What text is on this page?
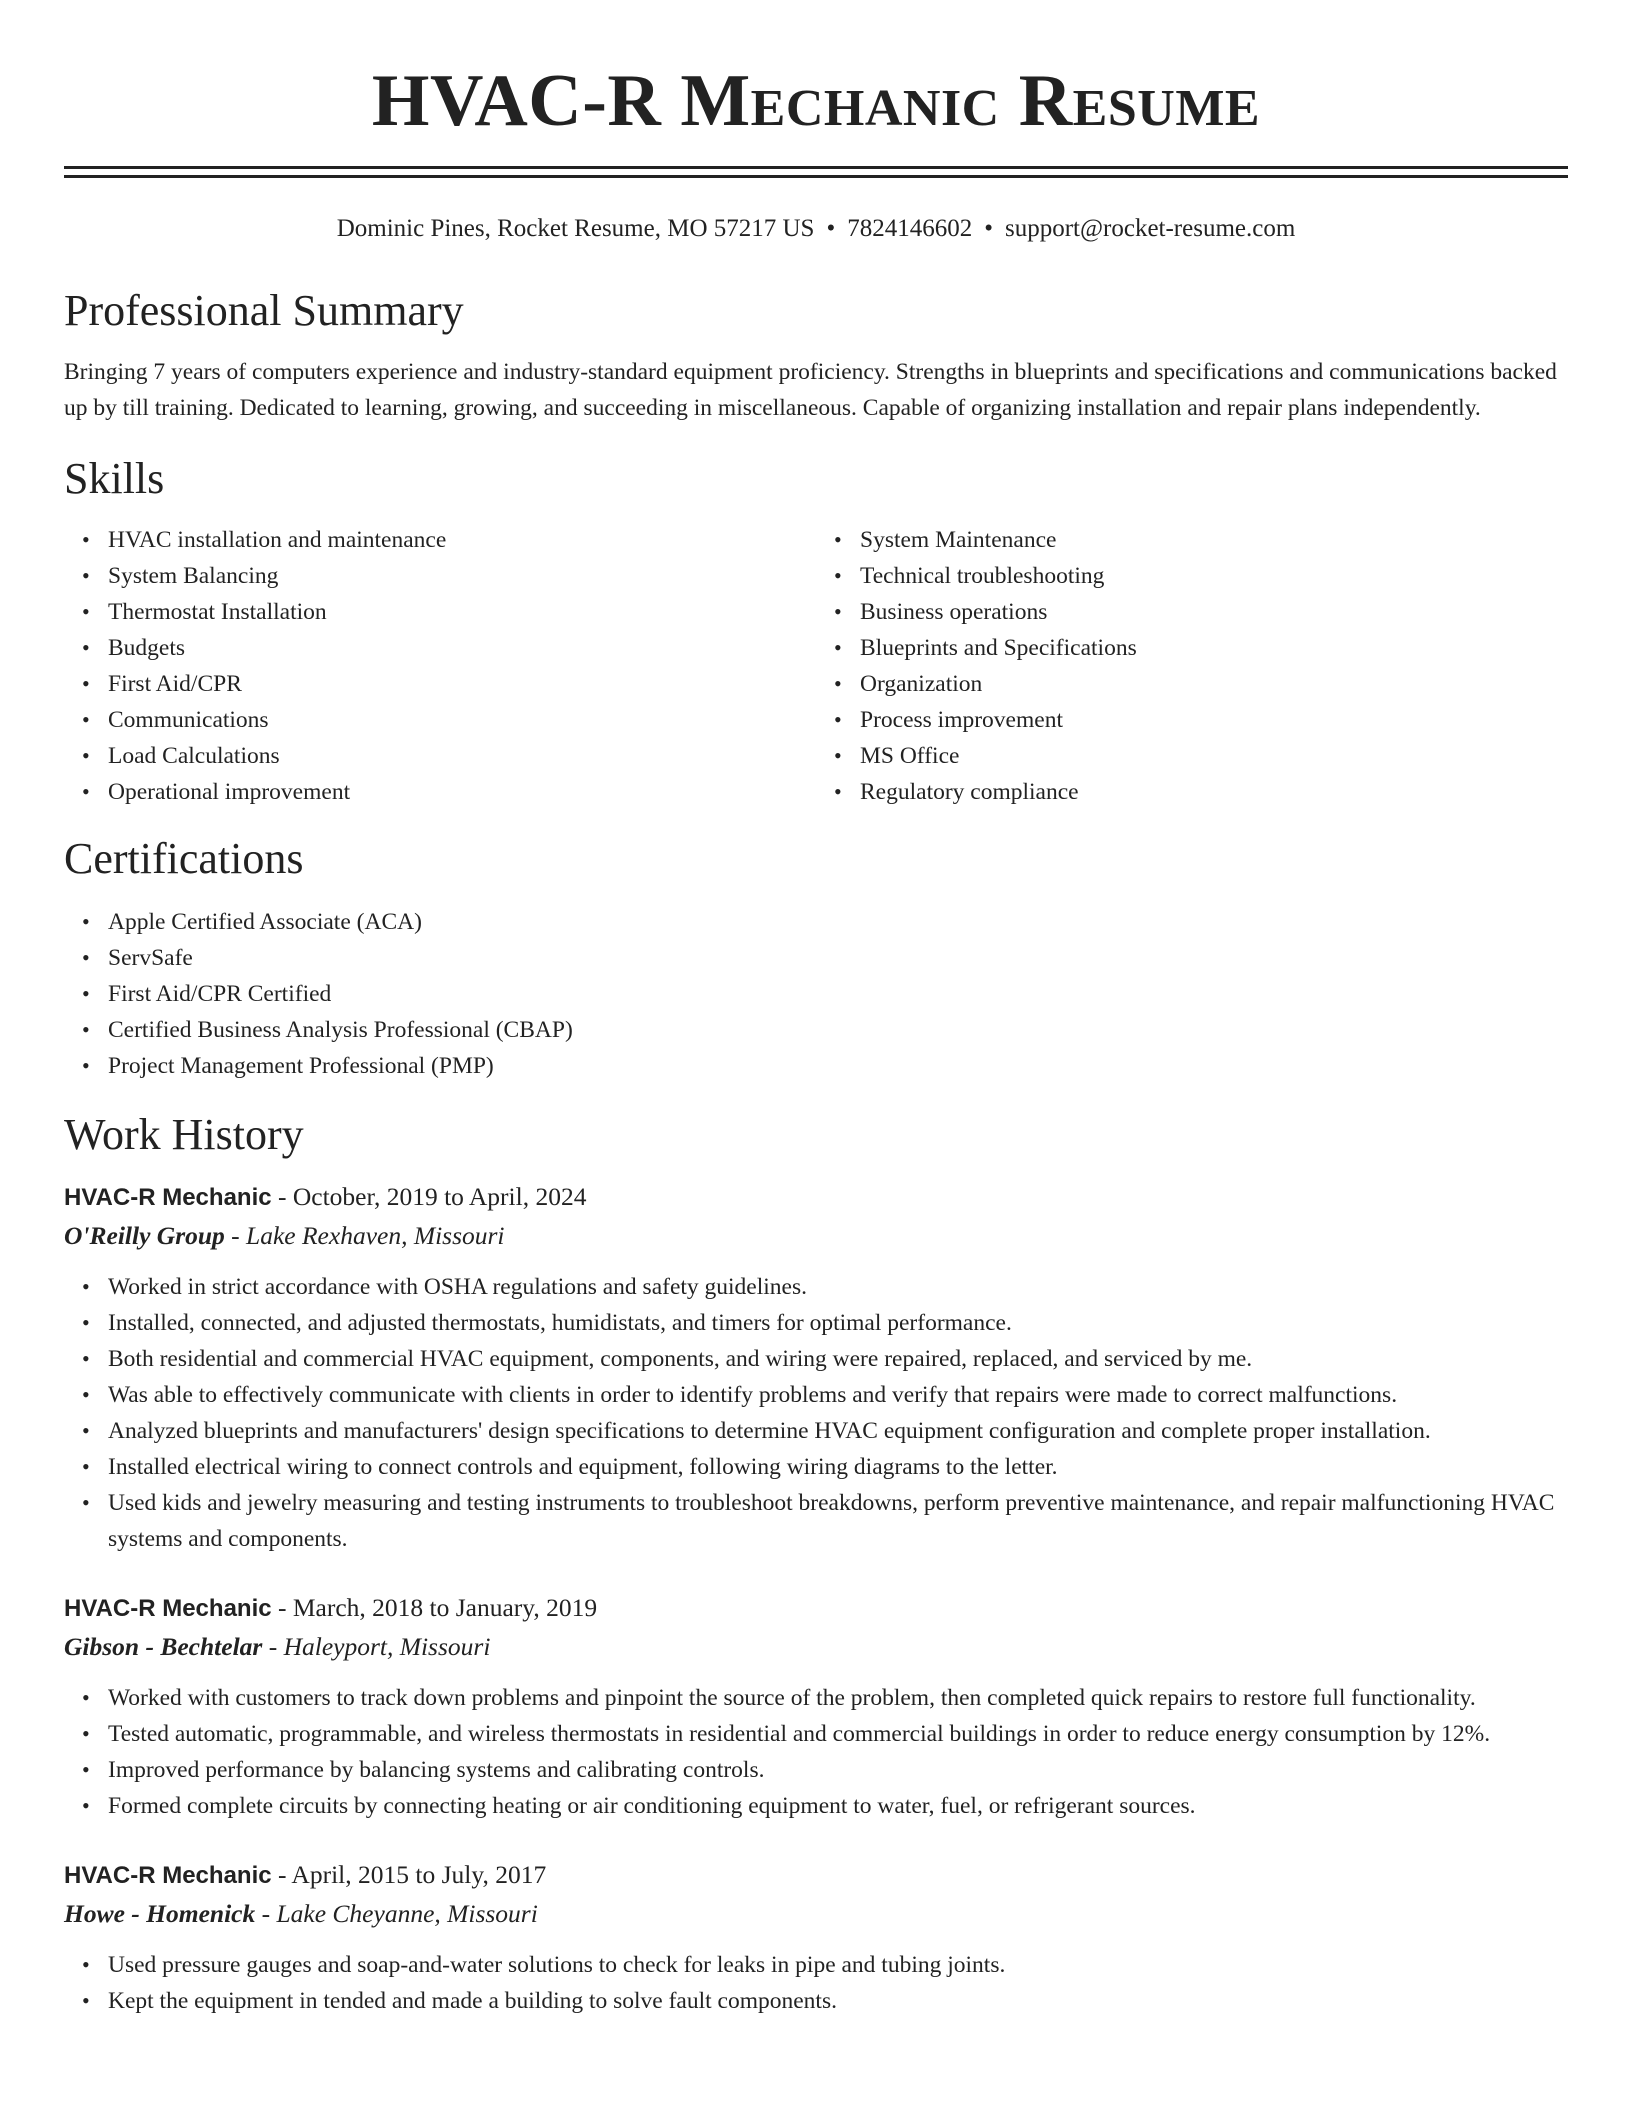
HVAC-R Mechanic Resume
Dominic Pines, Rocket Resume, MO 57217 US • 7824146602 • support@rocket-resume.com
Professional Summary

Bringing 7 years of computers experience and industry-standard equipment proficiency. Strengths in blueprints and specifications and communications backed up by till training. Dedicated to learning, growing, and succeeding in miscellaneous. Capable of organizing installation and repair plans independently.

Skills
• HVAC installation and maintenance
• System Balancing
• Thermostat Installation
• Budgets
• First Aid/CPR
• Communications
• Load Calculations
• Operational improvement
• System Maintenance
• Technical troubleshooting
• Business operations
• Blueprints and Specifications
• Organization
• Process improvement
• MS Office
• Regulatory compliance
Certifications
• Apple Certified Associate (ACA)
• ServSafe
• First Aid/CPR Certified
• Certified Business Analysis Professional (CBAP)
• Project Management Professional (PMP)
Work History
HVAC-R Mechanic - October, 2019 to April, 2024
O'Reilly Group - Lake Rexhaven, Missouri
• Worked in strict accordance with OSHA regulations and safety guidelines.
• Installed, connected, and adjusted thermostats, humidistats, and timers for optimal performance.
• Both residential and commercial HVAC equipment, components, and wiring were repaired, replaced, and serviced by me.
• Was able to effectively communicate with clients in order to identify problems and verify that repairs were made to correct malfunctions.
• Analyzed blueprints and manufacturers' design specifications to determine HVAC equipment configuration and complete proper installation.
• Installed electrical wiring to connect controls and equipment, following wiring diagrams to the letter.
• Used kids and jewelry measuring and testing instruments to troubleshoot breakdowns, perform preventive maintenance, and repair malfunctioning HVAC systems and components.
HVAC-R Mechanic - March, 2018 to January, 2019
Gibson - Bechtelar - Haleyport, Missouri
• Worked with customers to track down problems and pinpoint the source of the problem, then completed quick repairs to restore full functionality.
• Tested automatic, programmable, and wireless thermostats in residential and commercial buildings in order to reduce energy consumption by 12%.
• Improved performance by balancing systems and calibrating controls.
• Formed complete circuits by connecting heating or air conditioning equipment to water, fuel, or refrigerant sources.
HVAC-R Mechanic - April, 2015 to July, 2017
Howe - Homenick - Lake Cheyanne, Missouri
• Used pressure gauges and soap-and-water solutions to check for leaks in pipe and tubing joints.
• Kept the equipment in tended and made a building to solve fault components.
